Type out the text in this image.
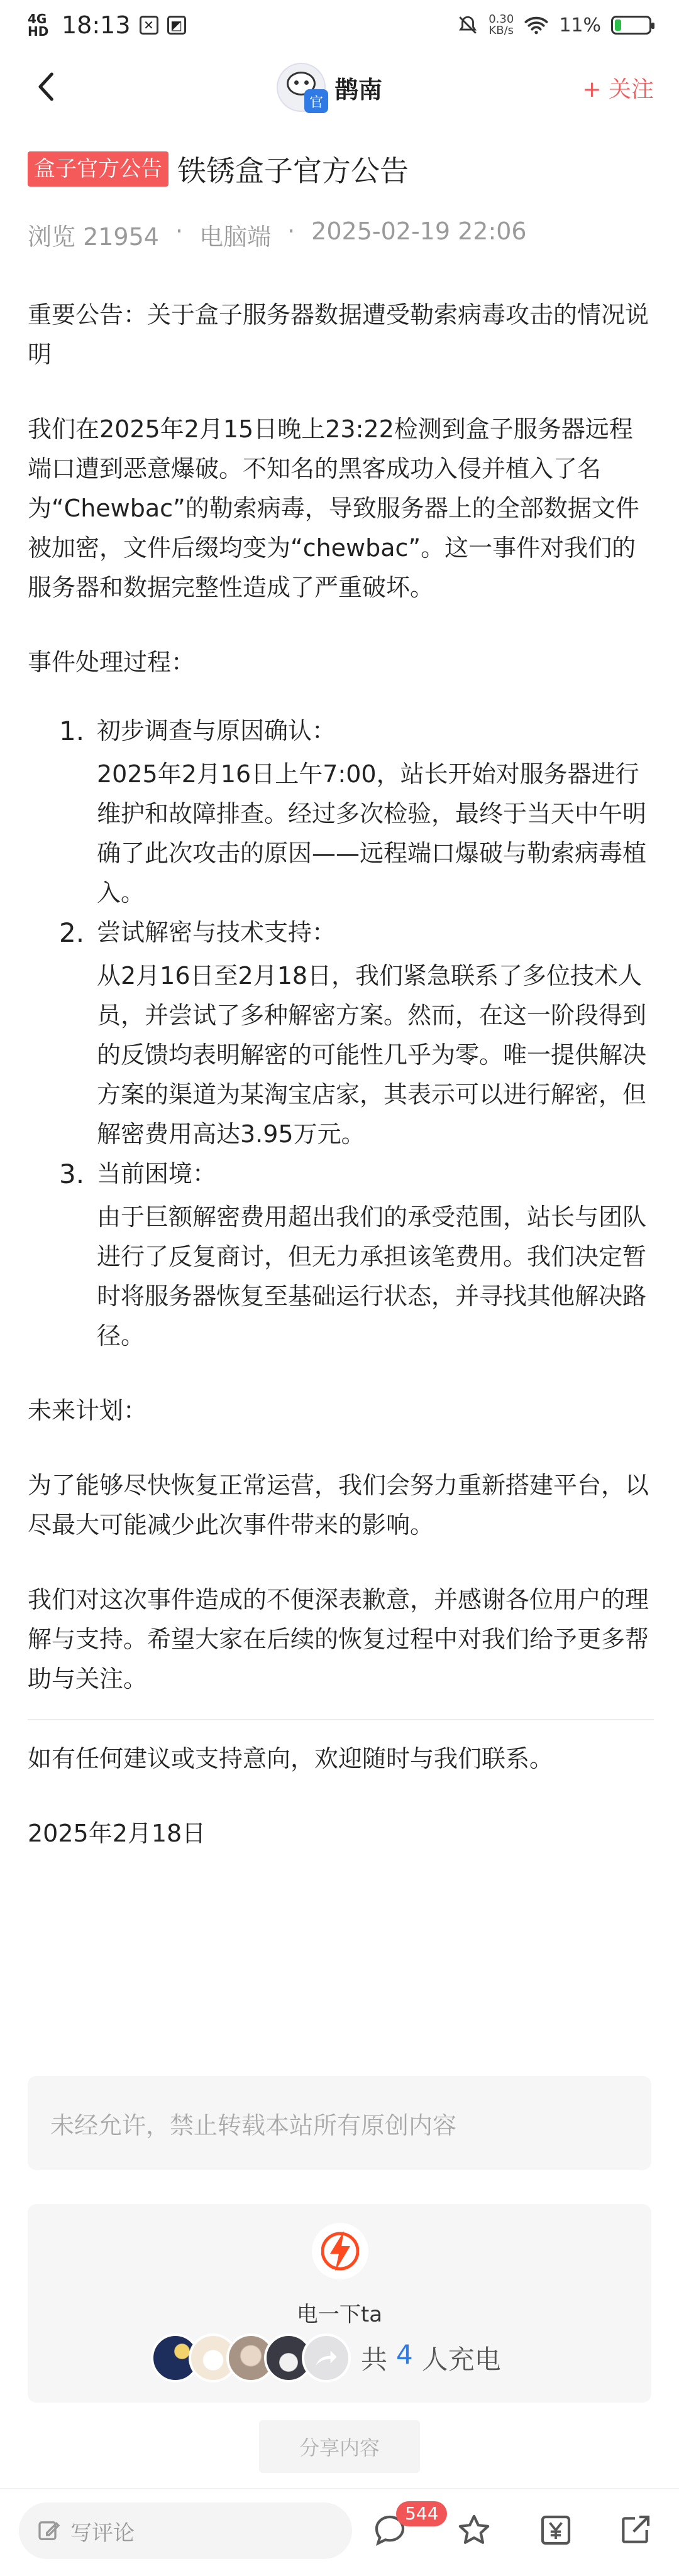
4G HD 18:13	✕	◩	0.30
KB/s 11%
官 鹊南	+ 关注
盒子官方公告 铁锈盒子官方公告
浏览 21954 · 电脑端 · 2025-02-19 22:06

重要公告：关于盒子服务器数据遭受勒索病毒攻击的情况说明

我们在2025年2月15日晚上23:22检测到盒子服务器远程端口遭到恶意爆破。不知名的黑客成功入侵并植入了名为“Chewbac”的勒索病毒，导致服务器上的全部数据文件被加密，文件后缀均变为“chewbac”。这一事件对我们的服务器和数据完整性造成了严重破坏。

事件处理过程：

1. 初步调查与原因确认：
2025年2月16日上午7:00，站长开始对服务器进行维护和故障排查。经过多次检验，最终于当天中午明确了此次攻击的原因——远程端口爆破与勒索病毒植入。
2. 尝试解密与技术支持：
从2月16日至2月18日，我们紧急联系了多位技术人员，并尝试了多种解密方案。然而，在这一阶段得到的反馈均表明解密的可能性几乎为零。唯一提供解决方案的渠道为某淘宝店家，其表示可以进行解密，但解密费用高达3.95万元。
3. 当前困境：
由于巨额解密费用超出我们的承受范围，站长与团队进行了反复商讨，但无力承担该笔费用。我们决定暂时将服务器恢复至基础运行状态，并寻找其他解决路径。

未来计划：

为了能够尽快恢复正常运营，我们会努力重新搭建平台，以尽最大可能减少此次事件带来的影响。

我们对这次事件造成的不便深表歉意，并感谢各位用户的理解与支持。希望大家在后续的恢复过程中对我们给予更多帮助与关注。

如有任何建议或支持意向，欢迎随时与我们联系。

2025年2月18日

未经允许，禁止转载本站所有原创内容
电一下ta
共 4 人充电
分享内容
写评论
544
